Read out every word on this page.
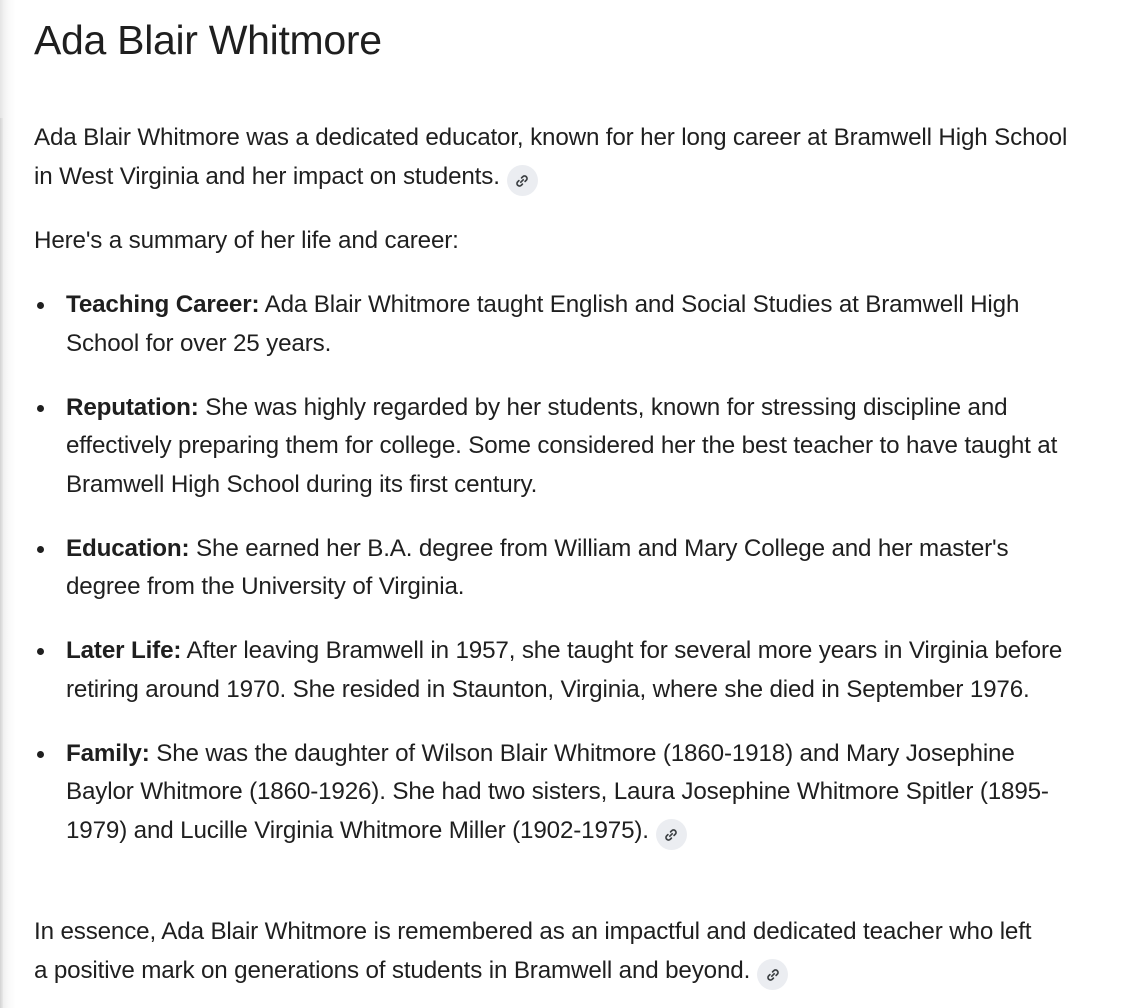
Ada Blair Whitmore

Ada Blair Whitmore was a dedicated educator, known for her long career at Bramwell High School in West Virginia and her impact on students.

Here's a summary of her life and career:

Teaching Career: Ada Blair Whitmore taught English and Social Studies at Bramwell High School for over 25 years.
Reputation: She was highly regarded by her students, known for stressing discipline and effectively preparing them for college. Some considered her the best teacher to have taught at Bramwell High School during its first century.
Education: She earned her B.A. degree from William and Mary College and her master's degree from the University of Virginia.
Later Life: After leaving Bramwell in 1957, she taught for several more years in Virginia before retiring around 1970. She resided in Staunton, Virginia, where she died in September 1976.
Family: She was the daughter of Wilson Blair Whitmore (1860-1918) and Mary Josephine Baylor Whitmore (1860-1926). She had two sisters, Laura Josephine Whitmore Spitler (1895-1979) and Lucille Virginia Whitmore Miller (1902-1975).

In essence, Ada Blair Whitmore is remembered as an impactful and dedicated teacher who left a positive mark on generations of students in Bramwell and beyond.
